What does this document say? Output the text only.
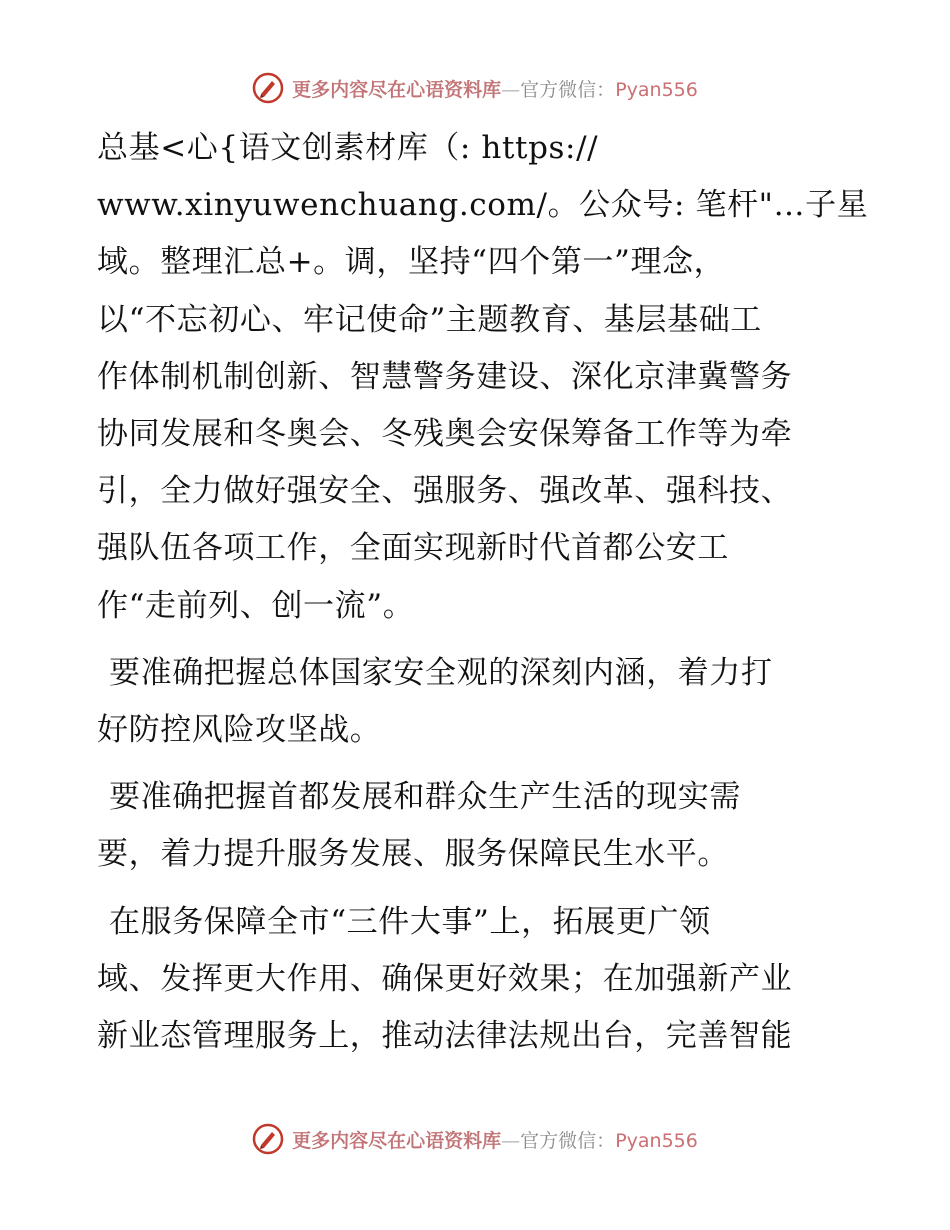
更多内容尽在心语资料库—官方微信：Pyan556
总基<心{语文创素材库（: https://
www.xinyuwenchuang.com/。公众号: 笔杆"…子星
域。整理汇总+。调，坚持“四个第一”理念，
以“不忘初心、牢记使命”主题教育、基层基础工
作体制机制创新、智慧警务建设、深化京津冀警务
协同发展和冬奥会、冬残奥会安保筹备工作等为牵
引，全力做好强安全、强服务、强改革、强科技、
强队伍各项工作，全面实现新时代首都公安工
作“走前列、创一流”。
要准确把握总体国家安全观的深刻内涵，着力打
好防控风险攻坚战。
要准确把握首都发展和群众生产生活的现实需
要，着力提升服务发展、服务保障民生水平。
在服务保障全市“三件大事”上，拓展更广领
域、发挥更大作用、确保更好效果；在加强新产业
新业态管理服务上，推动法律法规出台，完善智能
更多内容尽在心语资料库—官方微信：Pyan556
